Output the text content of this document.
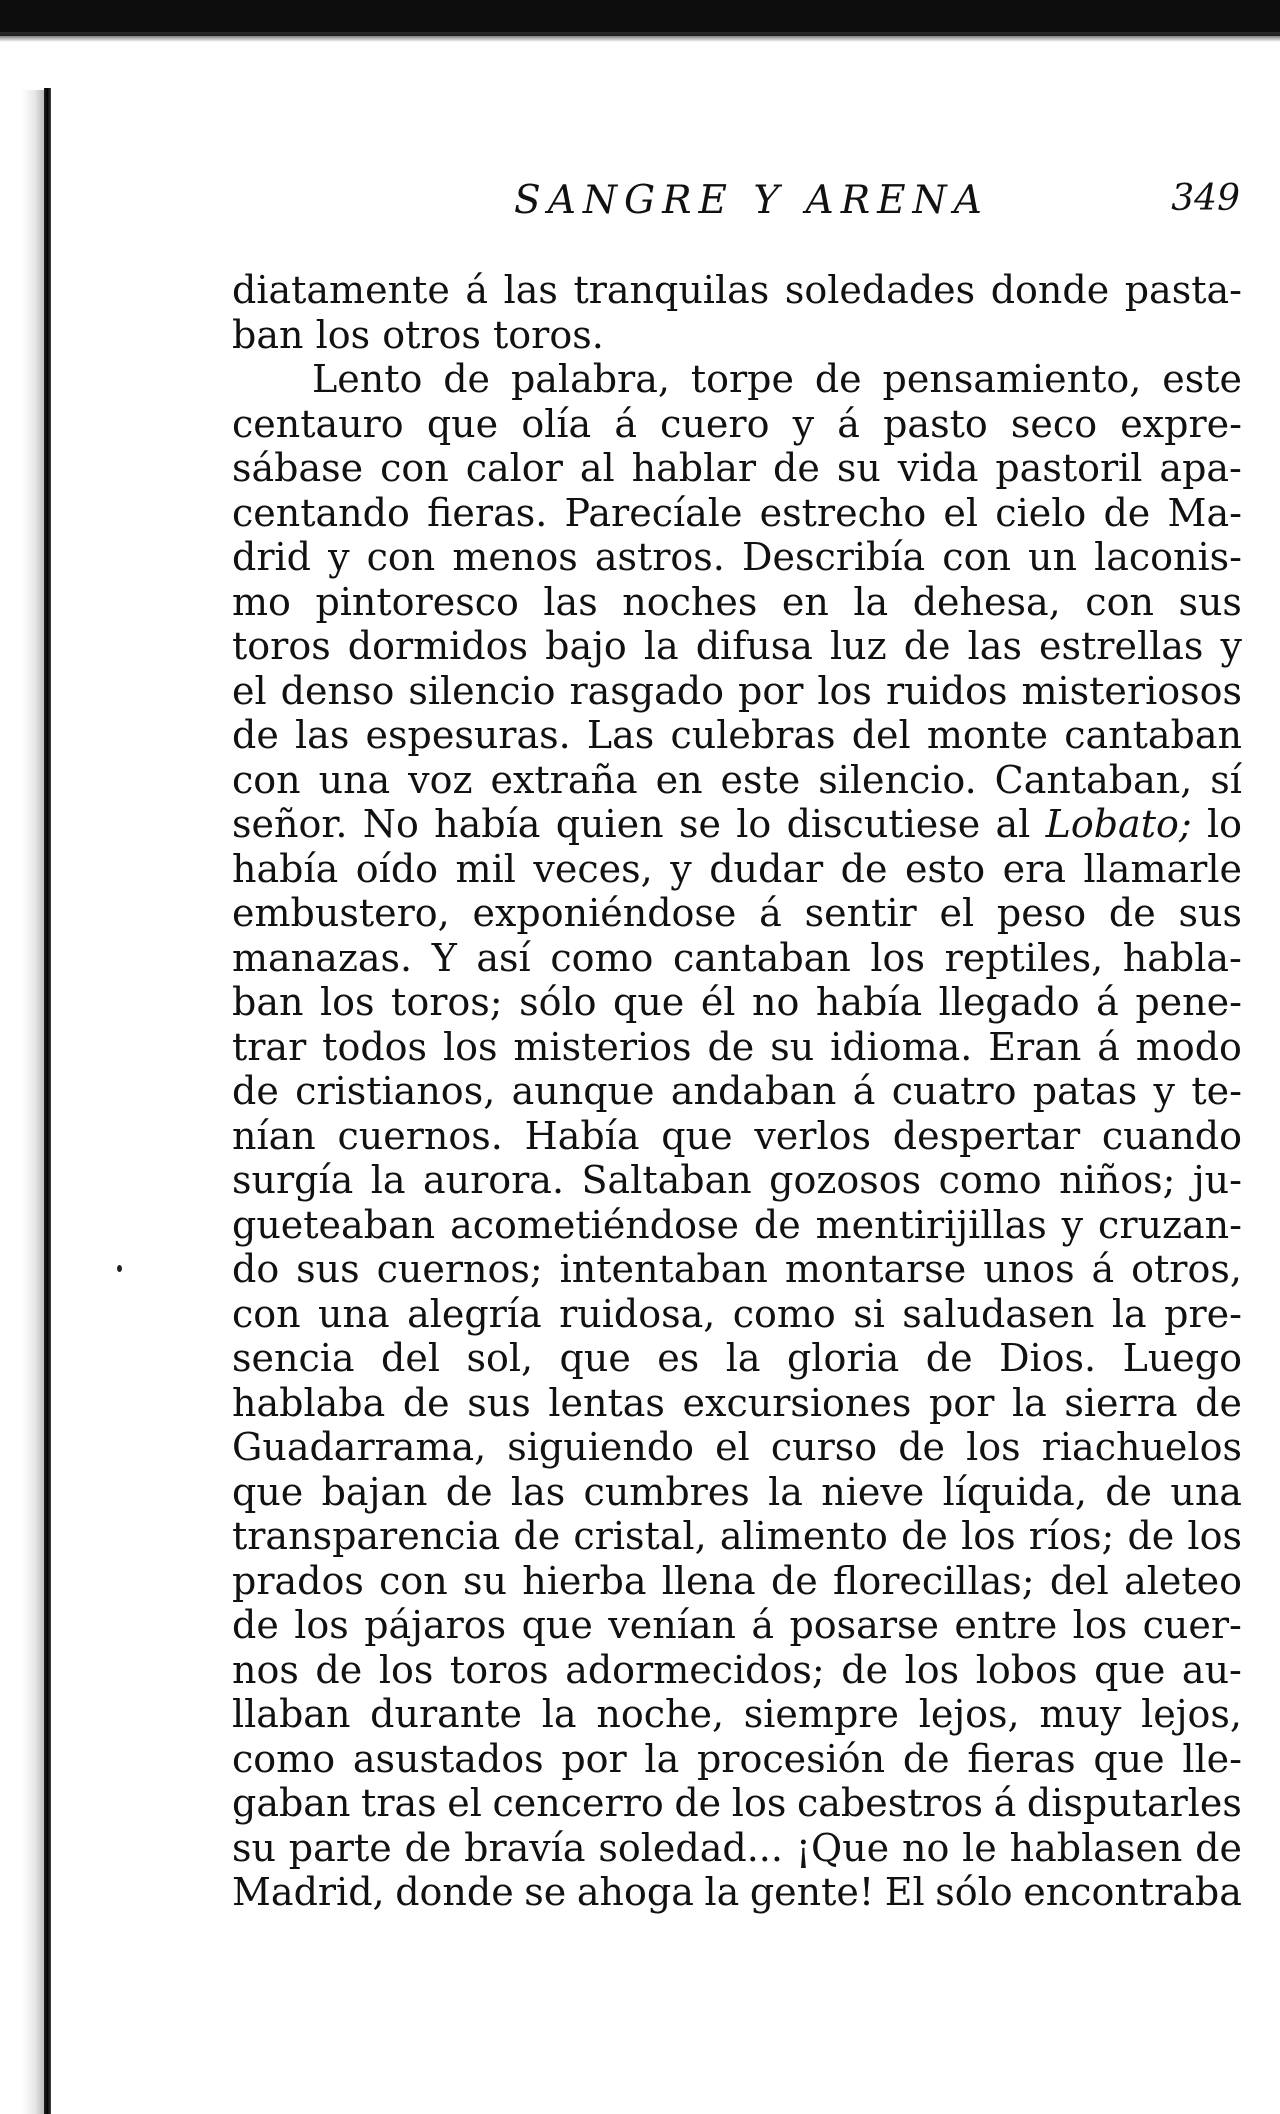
SANGRE Y ARENA	349
diatamente á las tranquilas soledades donde pasta-
ban
los
otros
toros.
Lento de palabra, torpe de pensamiento, este
centauro que olía á cuero y á pasto seco expre-
sábase con calor al hablar de su vida pastoril apa-
centando fieras. Parecíale estrecho el cielo de Ma-
drid y con menos astros. Describía con un laconis-
mo pintoresco las noches en la dehesa, con sus
toros dormidos bajo la difusa luz de las estrellas y
el denso silencio rasgado por los ruidos misteriosos
de las espesuras. Las culebras del monte cantaban
con una voz extraña en este silencio. Cantaban, sí
señor. No había quien se lo discutiese al Lobato; lo
había oído mil veces, y dudar de esto era llamarle
embustero, exponiéndose á sentir el peso de sus
manazas. Y así como cantaban los reptiles, habla-
ban los toros; sólo que él no había llegado á pene-
trar todos los misterios de su idioma. Eran á modo
de cristianos, aunque andaban á cuatro patas y te-
nían cuernos. Había que verlos despertar cuando
surgía la aurora. Saltaban gozosos como niños; ju-
gueteaban acometiéndose de mentirijillas y cruzan-
do sus cuernos; intentaban montarse unos á otros,
con una alegría ruidosa, como si saludasen la pre-
sencia del sol, que es la gloria de Dios. Luego
hablaba de sus lentas excursiones por la sierra de
Guadarrama, siguiendo el curso de los riachuelos
que bajan de las cumbres la nieve líquida, de una
transparencia de cristal, alimento de los ríos; de los
prados con su hierba llena de florecillas; del aleteo
de los pájaros que venían á posarse entre los cuer-
nos de los toros adormecidos; de los lobos que au-
llaban durante la noche, siempre lejos, muy lejos,
como asustados por la procesión de fieras que lle-
gaban tras el cencerro de los cabestros á disputarles
su parte de bravía soledad... ¡Que no le hablasen de
Madrid, donde se ahoga la gente! El sólo encontraba
